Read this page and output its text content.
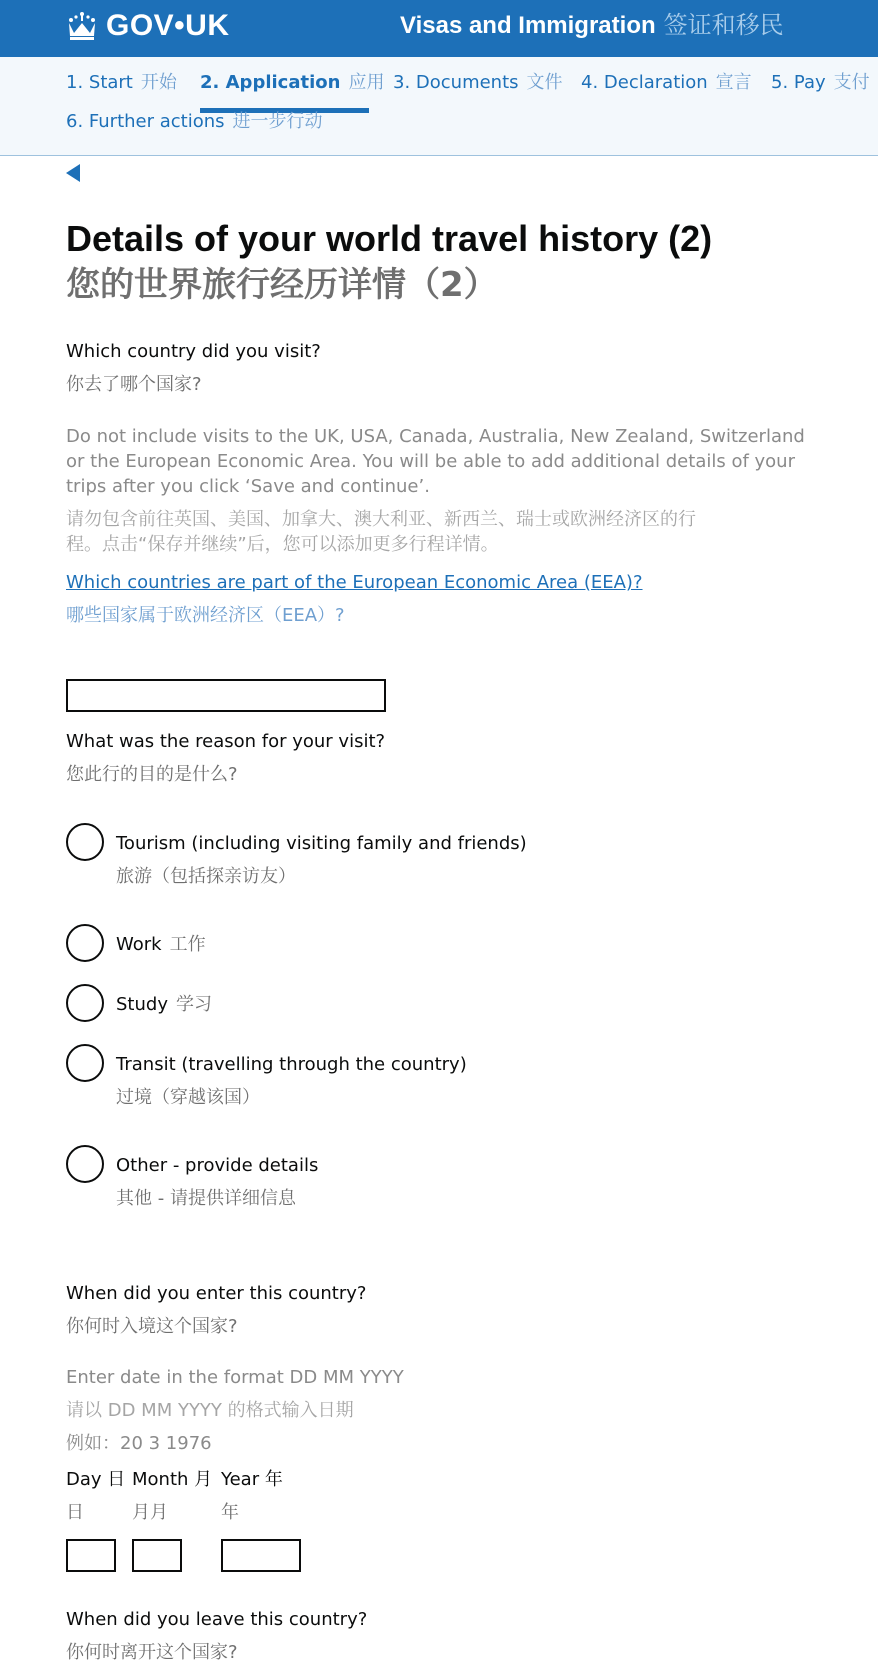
GOV•UK	Visas and Immigration 签证和移民
1. Start 开始 2. Application 应用 3. Documents 文件 4. Declaration 宣言 5. Pay 支付
6. Further actions 进一步行动
Details of your world travel history (2)
您的世界旅行经历详情（2）
Which country did you visit?
你去了哪个国家?
Do not include visits to the UK, USA, Canada, Australia, New Zealand, Switzerland
or the European Economic Area. You will be able to add additional details of your
trips after you click ‘Save and continue’.
请勿包含前往英国、美国、加拿大、澳大利亚、新西兰、瑞士或欧洲经济区的行
程。点击“保存并继续”后，您可以添加更多行程详情。
Which countries are part of the European Economic Area (EEA)?
哪些国家属于欧洲经济区（EEA）?
What was the reason for your visit?
您此行的目的是什么?
Tourism (including visiting family and friends)
旅游（包括探亲访友）
Work 工作
Study 学习
Transit (travelling through the country)
过境（穿越该国）
Other - provide details
其他 - 请提供详细信息
When did you enter this country?
你何时入境这个国家?
Enter date in the format DD MM YYYY
请以 DD MM YYYY 的格式输入日期
例如：20 3 1976
Day 日
日
Month 月
月月
Year 年
年
When did you leave this country?
你何时离开这个国家?
